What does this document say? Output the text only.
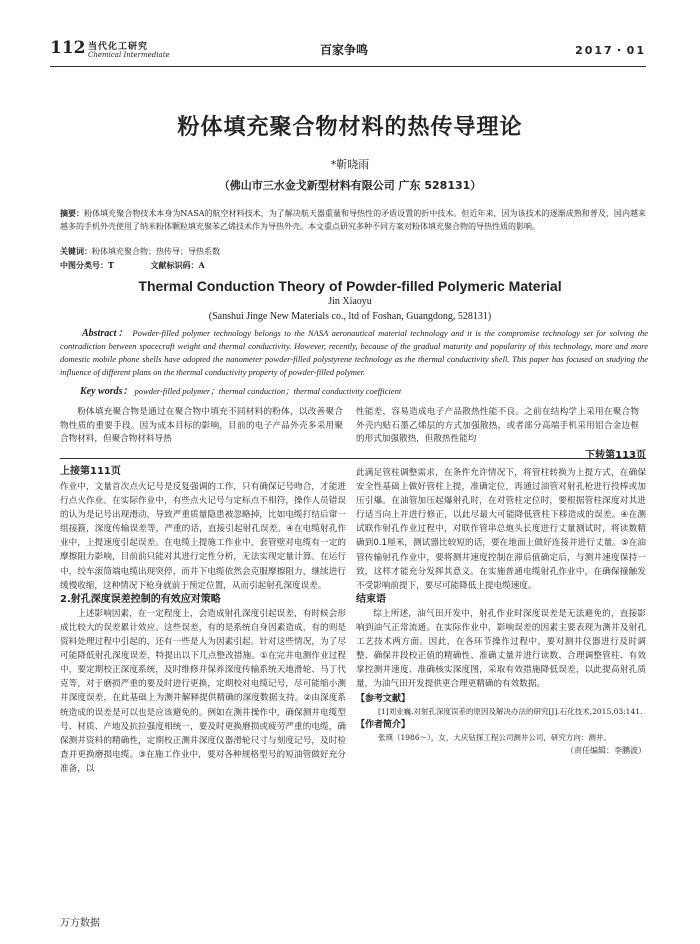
112 当代化工研究
Chemical Intermediate	百家争鸣	2017・01
粉体填充聚合物材料的热传导理论
*靳晓雨
（佛山市三水金戈新型材料有限公司 广东 528131）
摘要：粉体填充聚合物技术本身为NASA的航空材料技术，为了解决航天器重量和导热性的矛盾设置的折中技术。但近年来，因为该技术的逐渐成熟和普及，国内越来越多的手机外壳使用了纳米粉体颗粒填充聚苯乙烯技术作为导热外壳。本文重点研究多种不同方案对粉体填充聚合物的导热性质的影响。
关键词：粉体填充聚合物；热传导；导热系数
中图分类号：T	文献标识码：A
Thermal Conduction Theory of Powder-filled Polymeric Material
Jin Xiaoyu
(Sanshui Jinge New Materials co., ltd of Foshan, Guangdong, 528131)
Abstract： Powder-filled polymer technology belongs to the NASA aeronautical material technology and it is the compromise technology set for solving the contradiction between spacecraft weight and thermal conductivity. However, recently, because of the gradual maturity and popularity of this technology, more and more domestic mobile phone shells have adopted the nanometer powder-filled polystyrene technology as the thermal conductivity shell. This paper has focused on studying the influence of different plans on the thermal conductivity property of powder-filled polymer.
Key words： powder-filled polymer；thermal conduction；thermal conductivity coefficient
粉体填充聚合物是通过在聚合物中填充不同材料的粉体，以改善聚合物性质的重要手段。因为成本目标的影响，目前的电子产品外壳多采用聚合物材料，但聚合物材料导热
性能差，容易造成电子产品散热性能不良。之前在结构学上采用在聚合物外壳内贴石墨乙烯层的方式加强散热，或者部分高端手机采用铝合金边框的形式加强散热，但散热性能均
下转第113页
上接第111页

作业中，文量首次点火记号是反复强调的工作，只有确保记号吻合，才能进行点火作业。在实际作业中，有些点火记号与定标点不相符，操作人员错误的认为是记号出现滑动，导致严重质量隐患被忽略掉，比如电缆打结后窜一组接箍，深度传输误差等，严重的话，直接引起射孔误差。④在电缆射孔作业中，上提速度引起误差。在电缆上提施工作业中，套管壁对电缆有一定的摩擦阻力影响，目前前只能对其进行定性分析，无法实现定量计算。在运行中，绞车滚筒端电缆出现突停，而井下电缆依然会克服摩擦阻力，继续进行缓慢收缩，这种情况下枪身就前于预定位置，从而引起射孔深度误差。

2.射孔深度误差控制的有效应对策略

上述影响因素，在一定程度上，会造成射孔深度引起误差，有时候会形成比较大的误差累计效应。这些误差，有的是系统自身因素造成，有的则是资料处理过程中引起的，还有一些是人为因素引起。针对这些情况，为了尽可能降低射孔深度误差，特提出以下几点整改措施。①在完井电测作业过程中，要定期校正深度系统，及时维修并保养深度传输系统天地滑轮、马丁代克等，对于磨损严重的要及时进行更换，定期校对电缆记号，尽可能缩小测井深度误差，在此基础上为测井解释提供精确的深度数据支持。②由深度系统造成的误差是可以也是应该避免的。例如在测井操作中，确保测井电缆型号、材质、产地及抗拉强度相统一，要及时更换磨损或疲劳严重的电缆，确保测井资料的精确性，定期校正测井深度仪器滑轮尺寸与刻度记号，及时检查并更换磨损电缆。③在施工作业中，要对各种规格型号的短油管做好充分准备，以

此满足管柱调整需求，在条件允许情况下，将管柱转换为上提方式，在确保安全性基础上做好管柱上提，准确定位，再通过油管对射孔枪进行投棒或加压引爆。在油管加压起爆射孔时，在对管柱定位时，要根据管柱深度对其进行适当向上并进行修正，以此尽最大可能降低管柱下移造成的误差。④在测试联作射孔作业过程中，对联作管串总炮头长度进行丈量测试时，将读数精确到0.1厘米，测试器比较短的话，要在地面上做好连接并进行丈量。⑤在油管传输射孔作业中，要将测井速度控制在滞后值确定后，与测井速度保持一致，这样才能充分发挥其意义。在实施普通电缆射孔作业中，在确保撞触发不受影响前提下，要尽可能降低上提电缆速度。

结束语

综上所述，油气田开发中，射孔作业时深度误差是无法避免的，直接影响到油气正常流通。在实际作业中，影响误差的因素主要表现为测井及射孔工艺技术两方面。因此，在各环节操作过程中，要对测井仪器进行及时调整、确保井段校正值的精确性、准确丈量并进行读数、合理调整管柱、有效掌控测井速度、准确核实深度图，采取有效措施降低误差，以此提高射孔质量，为油气田开发提供更合理更精确的有效数据。

【参考文献】

[1]刘业巍.对射孔深度误差的原因及解决办法的研究[J].石化技术,2015,03:141.

【作者简介】

张瑛（1986～），女，大庆钻探工程公司测井公司，研究方向：测井。

（责任编辑：李鹏波）

万方数据
